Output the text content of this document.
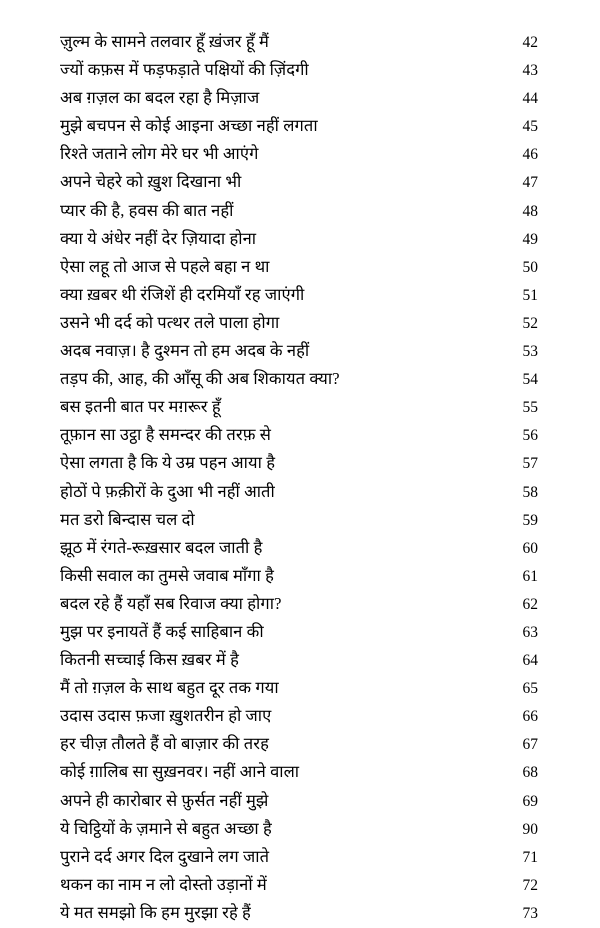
ज़ुल्म के सामने तलवार हूँ ख़ंजर हूँ मैं	42
ज्यों कफ़स में फड़फड़ाते पक्षियों की ज़िंदगी	43
अब ग़ज़ल का बदल रहा है मिज़ाज	44
मुझे बचपन से कोई आइना अच्छा नहीं लगता	45
रिश्ते जताने लोग मेरे घर भी आएंगे	46
अपने चेहरे को ख़ुश दिखाना भी	47
प्यार की है, हवस की बात नहीं	48
क्या ये अंधेर नहीं देर ज़ियादा होना	49
ऐसा लहू तो आज से पहले बहा न था	50
क्या ख़बर थी रंजिशें ही दरमियाँ रह जाएंगी	51
उसने भी दर्द को पत्थर तले पाला होगा	52
अदब नवाज़। है दुश्मन तो हम अदब के नहीं	53
तड़प की, आह, की आँसू की अब शिकायत क्या?	54
बस इतनी बात पर मग़रूर हूँ	55
तूफ़ान सा उट्ठा है समन्दर की तरफ़ से	56
ऐसा लगता है कि ये उम्र पहन आया है	57
होठों पे फ़क़ीरों के दुआ भी नहीं आती	58
मत डरो बिन्दास चल दो	59
झूठ में रंगते-रूख़सार बदल जाती है	60
किसी सवाल का तुमसे जवाब माँगा है	61
बदल रहे हैं यहाँ सब रिवाज क्या होगा?	62
मुझ पर इनायतें हैं कई साहिबान की	63
कितनी सच्चाई किस ख़बर में है	64
मैं तो ग़ज़ल के साथ बहुत दूर तक गया	65
उदास उदास फ़जा ख़ुशतरीन हो जाए	66
हर चीज़ तौलते हैं वो बाज़ार की तरह	67
कोई ग़ालिब सा सुख़नवर। नहीं आने वाला	68
अपने ही कारोबार से फ़ुर्सत नहीं मुझे	69
ये चिट्ठियों के ज़माने से बहुत अच्छा है	90
पुराने दर्द अगर दिल दुखाने लग जाते	71
थकन का नाम न लो दोस्तो उड़ानों में	72
ये मत समझो कि हम मुरझा रहे हैं	73
